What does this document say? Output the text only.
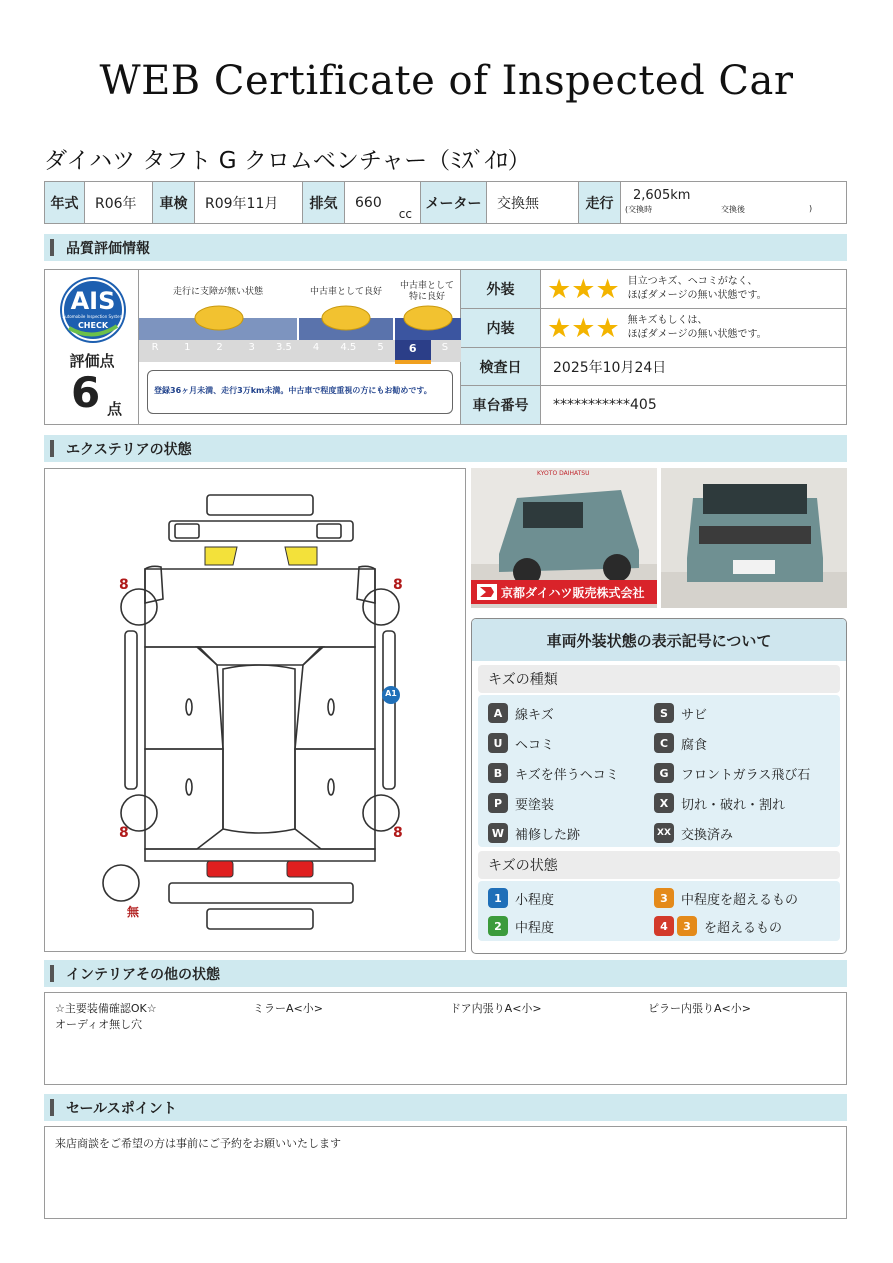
WEB Certificate of Inspected Car
ダイハツ タフト G クロムベンチャー（ﾐｽﾞｲﾛ）
年式	R06年	車検	R09年11月	排気	660
cc
メーター	交換無	走行	2,605km
(交換時	交換後	)
品質評価情報
AIS
Automobile Inspection System
CHECK
評価点
6 点
走行に支障が無い状態	中古車として良好
中古車として
特に良好
R	1	2	3	3.5	4	4.5	5	6	S
登録36ヶ月未満、走行3万km未満。中古車で程度重視の方にもお勧めです。
外装	★★★ 目立つキズ、ヘコミがなく、
ほぼダメージの無い状態です。
内装	★★★ 無キズもしくは、
ほぼダメージの無い状態です。
検査日	2025年10月24日
車台番号	***********405
エクステリアの状態
8	8
8	8
無
A1
KYOTO DAIHATSU
京都ダイハツ販売株式会社
車両外装状態の表示記号について
キズの種類
A 線キズ	S	サビ
U ヘコミ	C 腐食
B キズを伴うヘコミ	G フロントガラス飛び石
P 要塗装	X 切れ・破れ・割れ
W 補修した跡	XX 交換済み
キズの状態
1	小程度	3	中程度を超えるもの
2	中程度	4	3	を超えるもの
インテリアその他の状態
☆主要装備確認OK☆	ミラーA<小>	ドア内張りA<小>	ピラー内張りA<小>
オーディオ無し穴
セールスポイント
来店商談をご希望の方は事前にご予約をお願いいたします
